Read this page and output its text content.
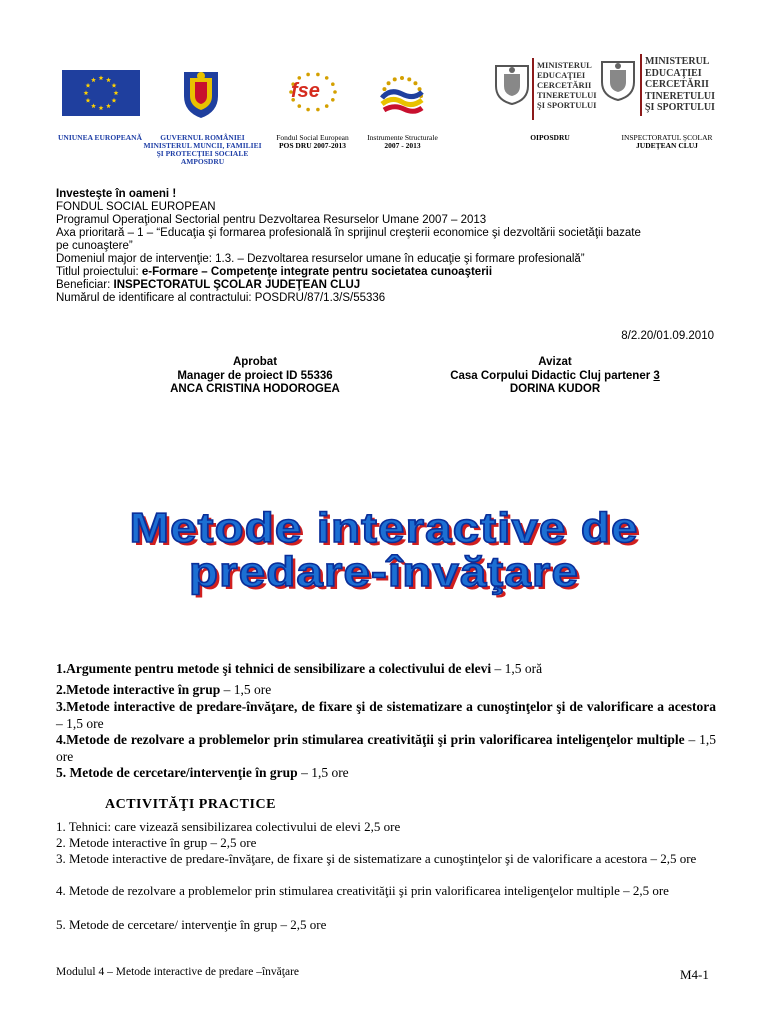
UNIUNEA EUROPEANĂ	GUVERNUL ROMÂNIEI
MINISTERUL MUNCII, FAMILIEI
ŞI PROTECŢIEI SOCIALE
AMPOSDRU
fse
Fondul Social European
POS DRU 2007-2013
Instrumente Structurale
2007 - 2013
MINISTERUL
EDUCAŢIEI
CERCETĂRII
TINERETULUI
ŞI SPORTULUI
OIPOSDRU
MINISTERUL
EDUCAŢIEI
CERCETĂRII
TINERETULUI
ŞI SPORTULUI
INSPECTORATUL ŞCOLAR
JUDEŢEAN CLUJ
Investeşte în oameni !
FONDUL SOCIAL EUROPEAN
Programul Operaţional Sectorial pentru Dezvoltarea Resurselor Umane 2007 – 2013
Axa prioritară – 1 – “Educaţia şi formarea profesională în sprijinul creşterii economice şi dezvoltării societăţii bazate
pe cunoaştere”
Domeniul major de intervenţie: 1.3. – Dezvoltarea resurselor umane în educaţie şi formare profesională”
Titlul proiectului: e-Formare – Competenţe integrate pentru societatea cunoaşterii
Beneficiar: INSPECTORATUL ŞCOLAR JUDEŢEAN CLUJ
Numărul de identificare al contractului: POSDRU/87/1.3/S/55336
8/2.20/01.09.2010
Aprobat
Manager de proiect ID 55336
ANCA CRISTINA HODOROGEA
Avizat
Casa Corpului Didactic Cluj partener 3
DORINA KUDOR
Metode interactive de
predare-învăţare
1.Argumente pentru metode şi tehnici de sensibilizare a colectivului de elevi – 1,5 oră
2.Metode interactive în grup – 1,5 ore
3.Metode interactive de predare-învăţare, de fixare şi de sistematizare a cunoştinţelor şi de valorificare a acestora – 1,5 ore
4.Metode de rezolvare a problemelor prin stimularea creativităţii şi prin valorificarea inteligenţelor multiple – 1,5 ore
5. Metode de cercetare/intervenţie în grup – 1,5 ore
ACTIVITĂŢI PRACTICE
1. Tehnici: care vizează sensibilizarea colectivului de elevi 2,5 ore
2. Metode interactive în grup – 2,5 ore
3. Metode interactive de predare-învăţare, de fixare şi de sistematizare a cunoştinţelor şi de valorificare a acestora – 2,5 ore
4. Metode de rezolvare a problemelor prin stimularea creativităţii şi prin valorificarea inteligenţelor multiple – 2,5 ore
5. Metode de cercetare/ intervenţie în grup – 2,5 ore
Modulul 4 – Metode interactive de predare –învăţare	M4-1
